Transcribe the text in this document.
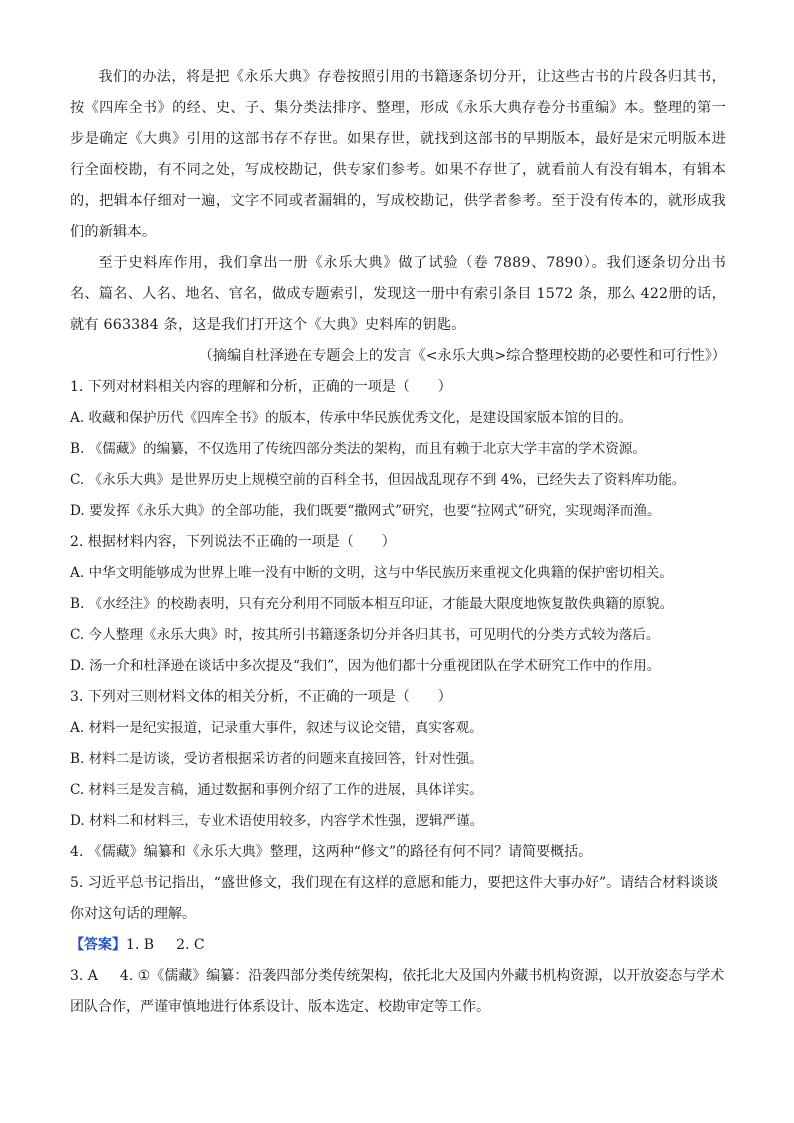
我们的办法，将是把《永乐大典》存卷按照引用的书籍逐条切分开，让这些古书的片段各归其书，按《四库全书》的经、史、子、集分类法排序、整理，形成《永乐大典存卷分书重编》本。整理的第一步是确定《大典》引用的这部书存不存世。如果存世，就找到这部书的早期版本，最好是宋元明版本进行全面校勘，有不同之处，写成校勘记，供专家们参考。如果不存世了，就看前人有没有辑本，有辑本的，把辑本仔细对一遍，文字不同或者漏辑的，写成校勘记，供学者参考。至于没有传本的，就形成我们的新辑本。

至于史料库作用，我们拿出一册《永乐大典》做了试验（卷 7889、7890）。我们逐条切分出书名、篇名、人名、地名、官名，做成专题索引，发现这一册中有索引条目 1572 条，那么 422册的话，就有 663384 条，这是我们打开这个《大典》史料库的钥匙。

（摘编自杜泽逊在专题会上的发言《<永乐大典>综合整理校勘的必要性和可行性》）

1. 下列对材料相关内容的理解和分析，正确的一项是（　　）

A. 收藏和保护历代《四库全书》的版本，传承中华民族优秀文化，是建设国家版本馆的目的。

B. 《儒藏》的编纂，不仅选用了传统四部分类法的架构，而且有赖于北京大学丰富的学术资源。

C. 《永乐大典》是世界历史上规模空前的百科全书，但因战乱现存不到 4%，已经失去了资料库功能。

D. 要发挥《永乐大典》的全部功能，我们既要“撒网式”研究，也要“拉网式”研究，实现竭泽而渔。

2. 根据材料内容，下列说法不正确的一项是（　　）

A. 中华文明能够成为世界上唯一没有中断的文明，这与中华民族历来重视文化典籍的保护密切相关。

B. 《水经注》的校勘表明，只有充分利用不同版本相互印证，才能最大限度地恢复散佚典籍的原貌。

C. 今人整理《永乐大典》时，按其所引书籍逐条切分并各归其书，可见明代的分类方式较为落后。

D. 汤一介和杜泽逊在谈话中多次提及“我们”，因为他们都十分重视团队在学术研究工作中的作用。

3. 下列对三则材料文体的相关分析，不正确的一项是（　　）

A. 材料一是纪实报道，记录重大事件，叙述与议论交错，真实客观。

B. 材料二是访谈，受访者根据采访者的问题来直接回答，针对性强。

C. 材料三是发言稿，通过数据和事例介绍了工作的进展，具体详实。

D. 材料二和材料三，专业术语使用较多，内容学术性强，逻辑严谨。

4. 《儒藏》编纂和《永乐大典》整理，这两种“修文”的路径有何不同？请简要概括。

5. 习近平总书记指出，“盛世修文，我们现在有这样的意愿和能力，要把这件大事办好”。请结合材料谈谈你对这句话的理解。

【答案】1. B 2. C

3. A 4. ①《儒藏》编纂：沿袭四部分类传统架构，依托北大及国内外藏书机构资源，以开放姿态与学术团队合作，严谨审慎地进行体系设计、版本选定、校勘审定等工作。
